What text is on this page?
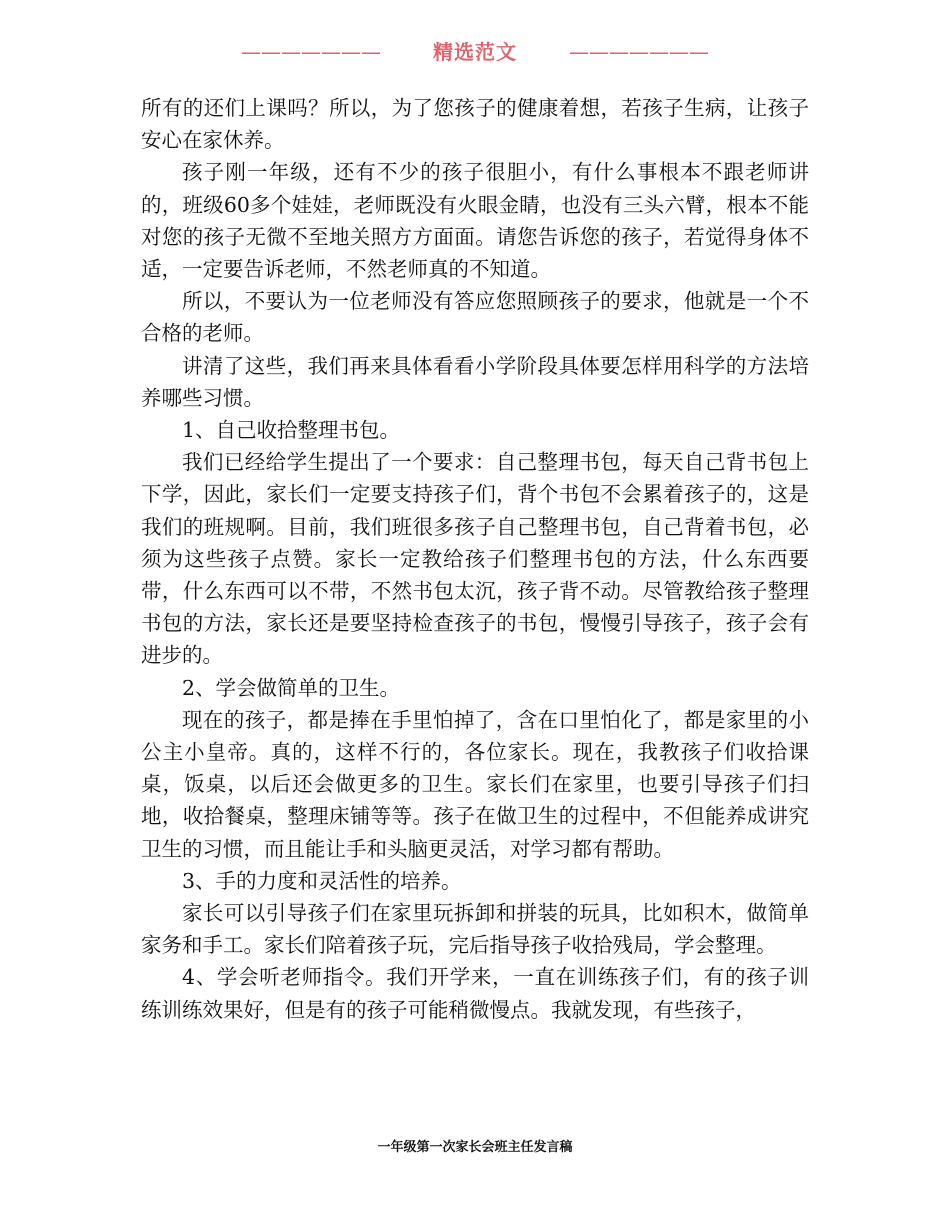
———————	精选范文	———————

所有的还们上课吗？所以，为了您孩子的健康着想，若孩子生病，让孩子安心在家休养。

孩子刚一年级，还有不少的孩子很胆小，有什么事根本不跟老师讲的，班级60多个娃娃，老师既没有火眼金睛，也没有三头六臂，根本不能对您的孩子无微不至地关照方方面面。请您告诉您的孩子，若觉得身体不适，一定要告诉老师，不然老师真的不知道。

所以，不要认为一位老师没有答应您照顾孩子的要求，他就是一个不合格的老师。

讲清了这些，我们再来具体看看小学阶段具体要怎样用科学的方法培养哪些习惯。

1、自己收拾整理书包。

我们已经给学生提出了一个要求：自己整理书包，每天自己背书包上下学，因此，家长们一定要支持孩子们，背个书包不会累着孩子的，这是我们的班规啊。目前，我们班很多孩子自己整理书包，自己背着书包，必须为这些孩子点赞。家长一定教给孩子们整理书包的方法，什么东西要带，什么东西可以不带，不然书包太沉，孩子背不动。尽管教给孩子整理书包的方法，家长还是要坚持检查孩子的书包，慢慢引导孩子，孩子会有进步的。

2、学会做简单的卫生。

现在的孩子，都是捧在手里怕掉了，含在口里怕化了，都是家里的小公主小皇帝。真的，这样不行的，各位家长。现在，我教孩子们收拾课桌，饭桌，以后还会做更多的卫生。家长们在家里，也要引导孩子们扫地，收拾餐桌，整理床铺等等。孩子在做卫生的过程中，不但能养成讲究卫生的习惯，而且能让手和头脑更灵活，对学习都有帮助。

3、手的力度和灵活性的培养。

家长可以引导孩子们在家里玩拆卸和拼装的玩具，比如积木，做简单家务和手工。家长们陪着孩子玩，完后指导孩子收拾残局，学会整理。

4、学会听老师指令。我们开学来，一直在训练孩子们，有的孩子训练训练效果好，但是有的孩子可能稍微慢点。我就发现，有些孩子，

一年级第一次家长会班主任发言稿
